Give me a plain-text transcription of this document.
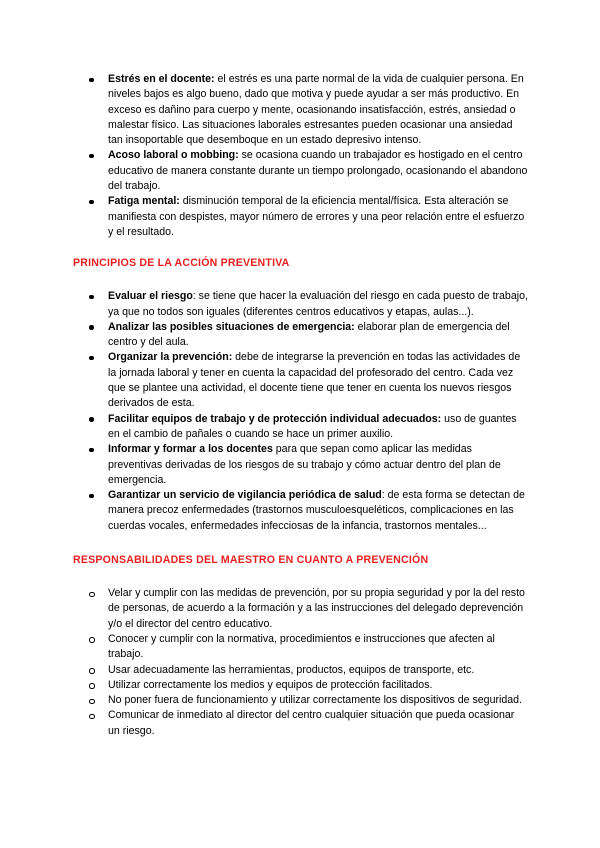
Estrés en el docente: el estrés es una parte normal de la vida de cualquier persona. En niveles bajos es algo bueno, dado que motiva y puede ayudar a ser más productivo. En exceso es dañino para cuerpo y mente, ocasionando insatisfacción, estrés, ansiedad o malestar físico. Las situaciones laborales estresantes pueden ocasionar una ansiedad tan insoportable que desemboque en un estado depresivo intenso.
Acoso laboral o mobbing: se ocasiona cuando un trabajador es hostigado en el centro educativo de manera constante durante un tiempo prolongado, ocasionando el abandono del trabajo.
Fatiga mental: disminución temporal de la eficiencia mental/física. Esta alteración se manifiesta con despistes, mayor número de errores y una peor relación entre el esfuerzo y el resultado.
PRINCIPIOS DE LA ACCIÓN PREVENTIVA
Evaluar el riesgo: se tiene que hacer la evaluación del riesgo en cada puesto de trabajo, ya que no todos son iguales (diferentes centros educativos y etapas, aulas...).
Analizar las posibles situaciones de emergencia: elaborar plan de emergencia del centro y del aula.
Organizar la prevención: debe de integrarse la prevención en todas las actividades de la jornada laboral y tener en cuenta la capacidad del profesorado del centro. Cada vez que se plantee una actividad, el docente tiene que tener en cuenta los nuevos riesgos derivados de esta.
Facilitar equipos de trabajo y de protección individual adecuados: uso de guantes en el cambio de pañales o cuando se hace un primer auxilio.
Informar y formar a los docentes para que sepan como aplicar las medidas preventivas derivadas de los riesgos de su trabajo y cómo actuar dentro del plan de emergencia.
Garantizar un servicio de vigilancia periódica de salud: de esta forma se detectan de manera precoz enfermedades (trastornos musculoesqueléticos, complicaciones en las cuerdas vocales, enfermedades infecciosas de la infancia, trastornos mentales...
RESPONSABILIDADES DEL MAESTRO EN CUANTO A PREVENCIÓN
Velar y cumplir con las medidas de prevención, por su propia seguridad y por la del resto de personas, de acuerdo a la formación y a las instrucciones del delegado deprevención y/o el director del centro educativo.
Conocer y cumplir con la normativa, procedimientos e instrucciones que afecten al trabajo.
Usar adecuadamente las herramientas, productos, equipos de transporte, etc.
Utilizar correctamente los medios y equipos de protección facilitados.
No poner fuera de funcionamiento y utilizar correctamente los dispositivos de seguridad.
Comunicar de inmediato al director del centro cualquier situación que pueda ocasionar un riesgo.
